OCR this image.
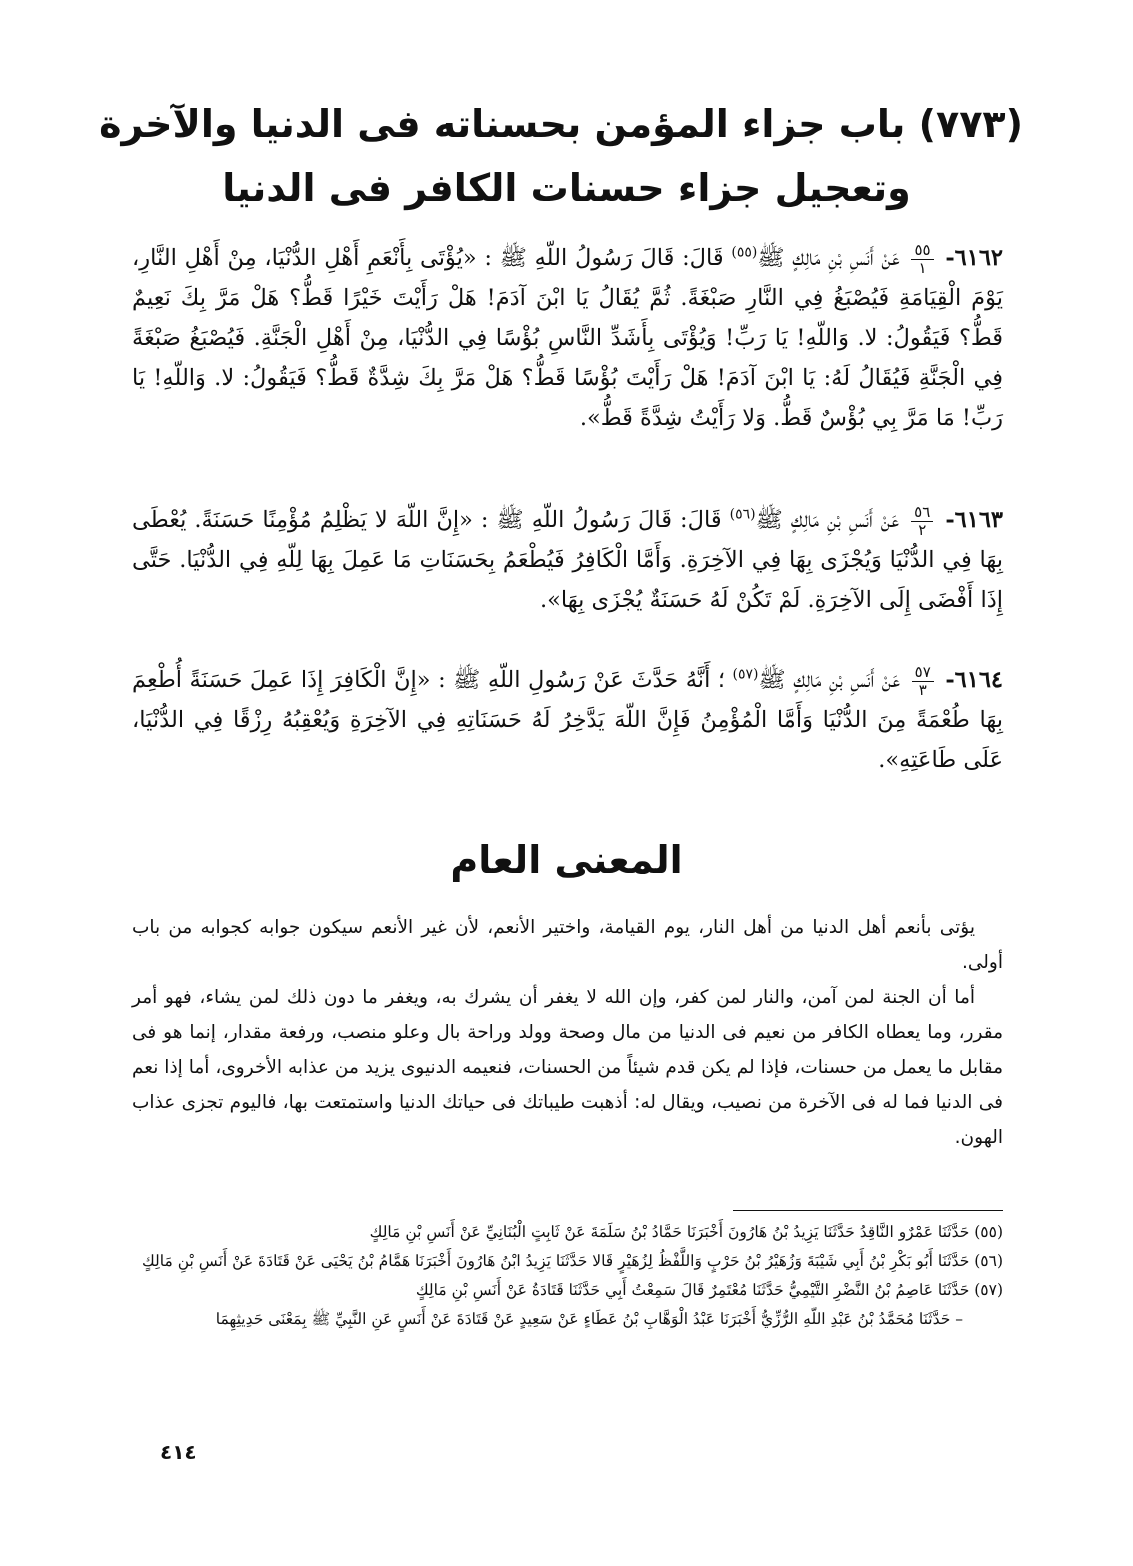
(٧٧٣) باب جزاء المؤمن بحسناته فى الدنيا والآخرة
وتعجيل جزاء حسنات الكافر فى الدنيا

٦١٦٢-
$\frac{٥٥}{١}$
عَنْ أَنَسِ بْنِ مَالِكٍ ﷺ$^{(٥٥)}$ قَالَ: قَالَ رَسُولُ اللّهِ ﷺ : «يُؤْتَى بِأَنْعَمِ أَهْلِ الدُّنْيَا، مِنْ أَهْلِ النَّارِ، يَوْمَ الْقِيَامَةِ فَيُصْبَغُ فِي النَّارِ صَبْغَةً. ثُمَّ يُقَالُ يَا ابْنَ آدَمَ! هَلْ رَأَيْتَ خَيْرًا قَطُّ؟ هَلْ مَرَّ بِكَ نَعِيمٌ قَطُّ؟ فَيَقُولُ: لا. وَاللّهِ! يَا رَبِّ! وَيُؤْتَى بِأَشَدِّ النَّاسِ بُؤْسًا فِي الدُّنْيَا، مِنْ أَهْلِ الْجَنَّةِ. فَيُصْبَغُ صَبْغَةً فِي الْجَنَّةِ فَيُقَالُ لَهُ: يَا ابْنَ آدَمَ! هَلْ رَأَيْتَ بُؤْسًا قَطُّ؟ هَلْ مَرَّ بِكَ شِدَّةٌ قَطُّ؟ فَيَقُولُ: لا. وَاللّهِ! يَا رَبِّ! مَا مَرَّ بِي بُؤْسٌ قَطُّ. وَلا رَأَيْتُ شِدَّةً قَطُّ».

٦١٦٣-
$\frac{٥٦}{٢}$
عَنْ أَنَسِ بْنِ مَالِكٍ ﷺ$^{(٥٦)}$ قَالَ: قَالَ رَسُولُ اللّهِ ﷺ : «إِنَّ اللّهَ لا يَظْلِمُ مُؤْمِنًا حَسَنَةً. يُعْطَى بِهَا فِي الدُّنْيَا وَيُجْزَى بِهَا فِي الآخِرَةِ. وَأَمَّا الْكَافِرُ فَيُطْعَمُ بِحَسَنَاتِ مَا عَمِلَ بِهَا لِلّهِ فِي الدُّنْيَا. حَتَّى إِذَا أَفْضَى إِلَى الآخِرَةِ. لَمْ تَكُنْ لَهُ حَسَنَةٌ يُجْزَى بِهَا».

٦١٦٤-
$\frac{٥٧}{٣}$
عَنْ أَنَسِ بْنِ مَالِكٍ ﷺ$^{(٥٧)}$ ؛ أَنَّهُ حَدَّثَ عَنْ رَسُولِ اللّهِ ﷺ : «إِنَّ الْكَافِرَ إِذَا عَمِلَ حَسَنَةً أُطْعِمَ بِهَا طُعْمَةً مِنَ الدُّنْيَا وَأَمَّا الْمُؤْمِنُ فَإِنَّ اللّهَ يَدَّخِرُ لَهُ حَسَنَاتِهِ فِي الآخِرَةِ وَيُعْقِبُهُ رِزْقًا فِي الدُّنْيَا، عَلَى طَاعَتِهِ».

المعنى العام

يؤتى بأنعم أهل الدنيا من أهل النار، يوم القيامة، واختير الأنعم، لأن غير الأنعم سيكون جوابه كجوابه من باب أولى.

أما أن الجنة لمن آمن، والنار لمن كفر، وإن الله لا يغفر أن يشرك به، ويغفر ما دون ذلك لمن يشاء، فهو أمر مقرر، وما يعطاه الكافر من نعيم فى الدنيا من مال وصحة وولد وراحة بال وعلو منصب، ورفعة مقدار، إنما هو فى مقابل ما يعمل من حسنات، فإذا لم يكن قدم شيئاً من الحسنات، فنعيمه الدنيوى يزيد من عذابه الأخروى، أما إذا نعم فى الدنيا فما له فى الآخرة من نصيب، ويقال له: أذهبت طيباتك فى حياتك الدنيا واستمتعت بها، فاليوم تجزى عذاب الهون.

(٥٥) حَدَّثَنَا عَمْرٌو النَّاقِدُ حَدَّثَنَا يَزِيدُ بْنُ هَارُونَ أَخْبَرَنَا حَمَّادُ بْنُ سَلَمَةَ عَنْ ثَابِتٍ الْبُنَانِيِّ عَنْ أَنَسِ بْنِ مَالِكٍ

(٥٦) حَدَّثَنَا أَبُو بَكْرِ بْنُ أَبِي شَيْبَةَ وَزُهَيْرُ بْنُ حَرْبٍ وَاللَّفْظُ لِزُهَيْرٍ قَالا حَدَّثَنَا يَزِيدُ ابْنُ هَارُونَ أَخْبَرَنَا هَمَّامُ بْنُ يَحْيَى عَنْ قَتَادَةَ عَنْ أَنَسِ بْنِ مَالِكٍ

(٥٧) حَدَّثَنَا عَاصِمُ بْنُ النَّضْرِ التَّيْمِيُّ حَدَّثَنَا مُعْتَمِرٌ قَالَ سَمِعْتُ أَبِي حَدَّثَنَا قَتَادَةُ عَنْ أَنَسِ بْنِ مَالِكٍ

– حَدَّثَنَا مُحَمَّدُ بْنُ عَبْدِ اللّهِ الرُّزِّيُّ أَخْبَرَنَا عَبْدُ الْوَهَّابِ بْنُ عَطَاءٍ عَنْ سَعِيدٍ عَنْ قَتَادَةَ عَنْ أَنَسٍ عَنِ النَّبِيِّ ﷺ بِمَعْنَى حَدِيثِهِمَا

٤١٤
